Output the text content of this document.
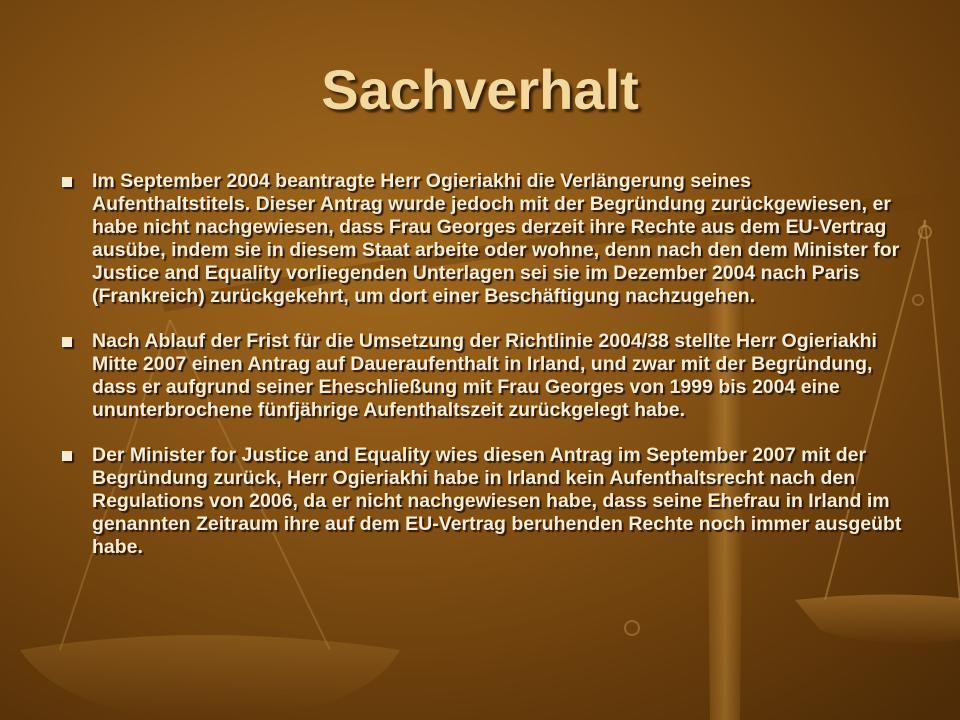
Sachverhalt
Im September 2004 beantragte Herr Ogieriakhi die Verlängerung seines Aufenthaltstitels. Dieser Antrag wurde jedoch mit der Begründung zurückgewiesen, er habe nicht nachgewiesen, dass Frau Georges derzeit ihre Rechte aus dem EU-Vertrag ausübe, indem sie in diesem Staat arbeite oder wohne, denn nach den dem Minister for Justice and Equality vorliegenden Unterlagen sei sie im Dezember 2004 nach Paris (Frankreich) zurückgekehrt, um dort einer Beschäftigung nachzugehen.
Nach Ablauf der Frist für die Umsetzung der Richtlinie 2004/38 stellte Herr Ogieriakhi Mitte 2007 einen Antrag auf Daueraufenthalt in Irland, und zwar mit der Begründung, dass er aufgrund seiner Eheschließung mit Frau Georges von 1999 bis 2004 eine ununterbrochene fünfjährige Aufenthaltszeit zurückgelegt habe.
Der Minister for Justice and Equality wies diesen Antrag im September 2007 mit der Begründung zurück, Herr Ogieriakhi habe in Irland kein Aufenthaltsrecht nach den Regulations von 2006, da er nicht nachgewiesen habe, dass seine Ehefrau in Irland im genannten Zeitraum ihre auf dem EU-Vertrag beruhenden Rechte noch immer ausgeübt habe.
